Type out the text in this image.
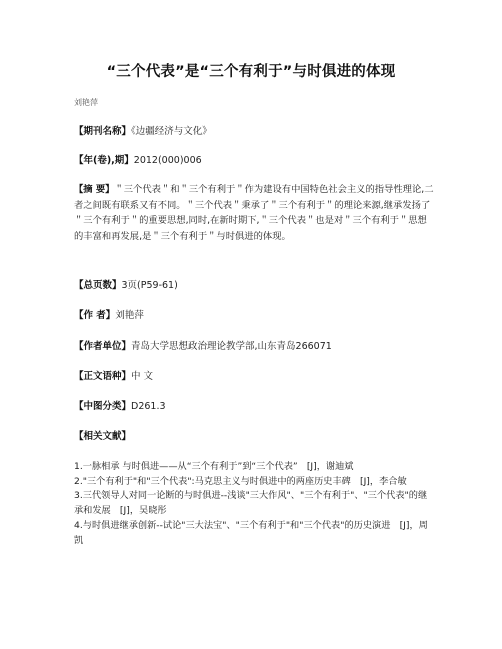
“三个代表”是“三个有利于”与时俱进的体现
刘艳萍
【期刊名称】《边疆经济与文化》
【年(卷),期】2012(000)006
【摘 要】＂三个代表＂和＂三个有利于＂作为建设有中国特色社会主义的指导性理论,二者之间既有联系又有不同。＂三个代表＂秉承了＂三个有利于＂的理论来源,继承发扬了＂三个有利于＂的重要思想,同时,在新时期下,＂三个代表＂也是对＂三个有利于＂思想的丰富和再发展,是＂三个有利于＂与时俱进的体现。
【总页数】3页(P59-61)
【作 者】刘艳萍
【作者单位】青岛大学思想政治理论教学部,山东青岛266071
【正文语种】中 文
【中图分类】D261.3
【相关文献】

1.一脉相承 与时俱进——从“三个有利于”到“三个代表”　[J]，谢迪斌

2."三个有利于"和"三个代表":马克思主义与时俱进中的两座历史丰碑　[J]，李合敏

3.三代领导人对同一论断的与时俱进--浅谈"三大作风"、"三个有利于"、"三个代表"的继承和发展　[J]，吴晓彤

4.与时俱进继承创新--试论"三大法宝"、"三个有利于"和"三个代表"的历史演进　[J]，周凯
